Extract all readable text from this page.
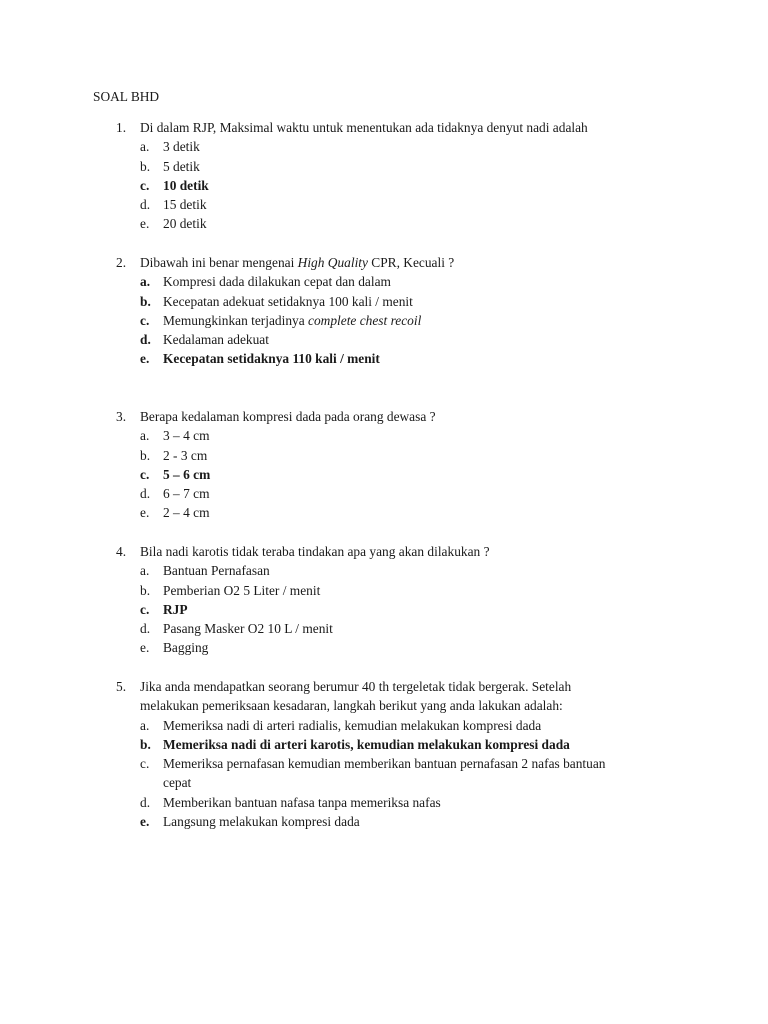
SOAL BHD
1. Di dalam RJP, Maksimal waktu untuk menentukan ada tidaknya denyut nadi adalah
a. 3 detik
b. 5 detik
c. 10 detik
d. 15 detik
e. 20 detik
2. Dibawah ini benar mengenai High Quality CPR, Kecuali ?
a. Kompresi dada dilakukan cepat dan dalam
b. Kecepatan adekuat setidaknya 100 kali / menit
c. Memungkinkan terjadinya complete chest recoil
d. Kedalaman adekuat
e. Kecepatan setidaknya 110 kali / menit
3. Berapa kedalaman kompresi dada pada orang dewasa ?
a. 3 – 4 cm
b. 2 - 3 cm
c. 5 – 6 cm
d. 6 – 7 cm
e. 2 – 4 cm
4. Bila nadi karotis tidak teraba tindakan apa yang akan dilakukan ?
a. Bantuan Pernafasan
b. Pemberian O2 5 Liter / menit
c. RJP
d. Pasang Masker O2 10 L / menit
e. Bagging
5. Jika anda mendapatkan seorang berumur 40 th tergeletak tidak bergerak. Setelah
melakukan pemeriksaan kesadaran, langkah berikut yang anda lakukan adalah:
a. Memeriksa nadi di arteri radialis, kemudian melakukan kompresi dada
b. Memeriksa nadi di arteri karotis, kemudian melakukan kompresi dada
c. Memeriksa pernafasan kemudian memberikan bantuan pernafasan 2 nafas bantuan
cepat
d. Memberikan bantuan nafasa tanpa memeriksa nafas
e. Langsung melakukan kompresi dada
